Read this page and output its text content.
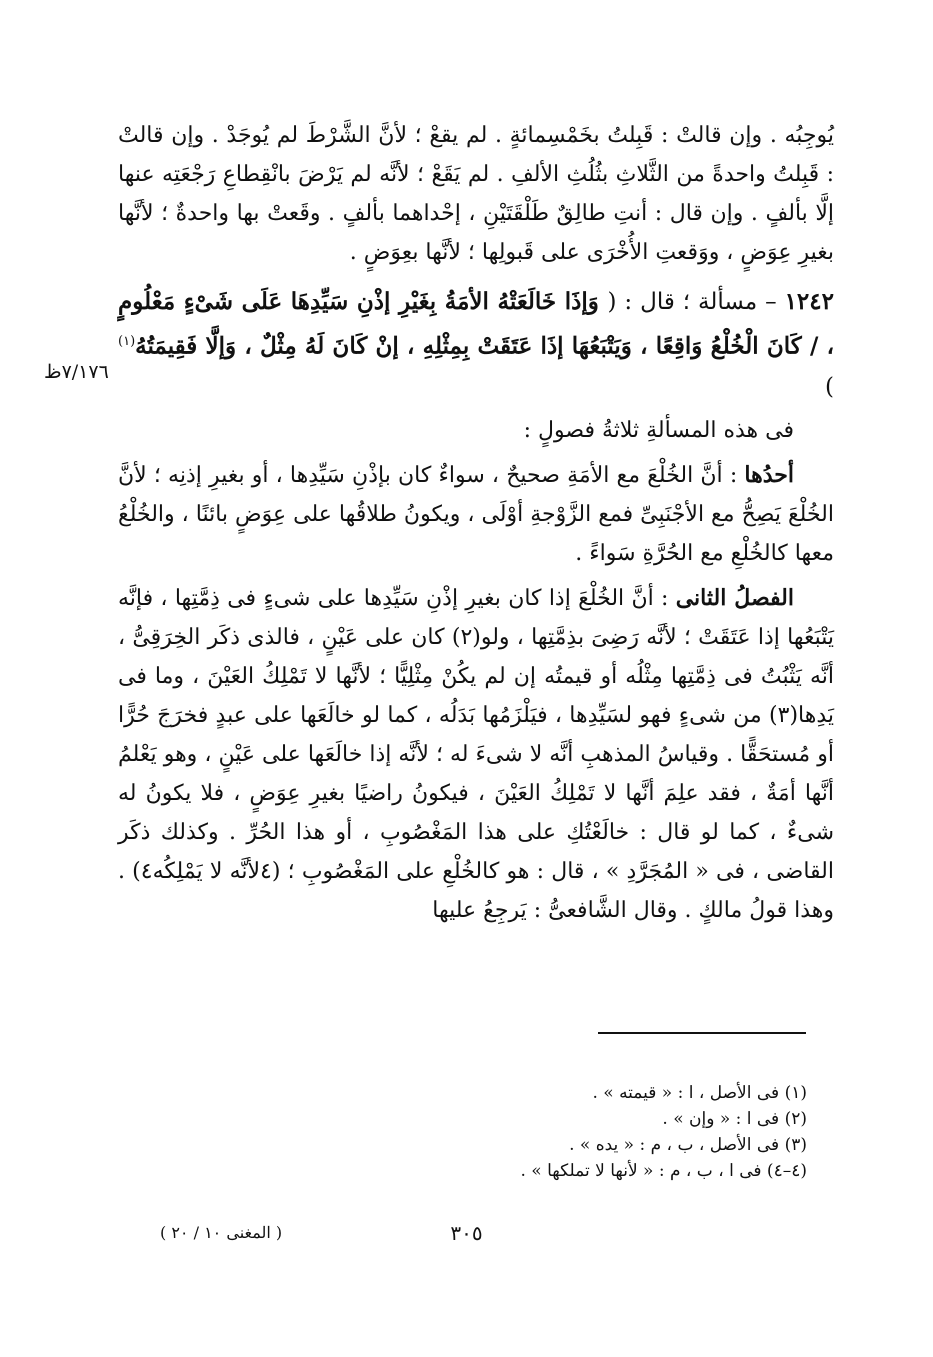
يُوجِبُه . وإن قالتْ : قَبِلتُ بخَمْسِمائةٍ . لم يقعْ ؛ لأنَّ الشَّرْطَ لم يُوجَدْ . وإن قالتْ : قَبِلتُ واحدةً من الثَّلاثِ بثُلُثِ الألفِ . لم يَقَعْ ؛ لأنَّه لم يَرْضَ بانْقِطاعِ رَجْعَتِه عنها إلَّا بألفٍ . وإن قال : أنتِ طالِقٌ طَلْقَتَيْنِ ، إحْداهما بألفٍ . وقَعتْ بها واحدةٌ ؛ لأنَّها بغيرِ عِوَضٍ ، ووَقعتِ الأُخْرَى على قَبولِها ؛ لأنَّها بعِوَضٍ .

١٢٤٢ – مسألة ؛ قال : ( وَإذَا خَالَعَتْهُ الأمَةُ بِغَيْرِ إذْنِ سَيِّدِهَا عَلَى شَىْءٍ مَعْلُومٍ ، / كَانَ الْخُلْعُ وَاقِعًا ، وَيَتْبَعُهَا إذَا عَتَقَتْ بِمِثْلِهِ ، إنْ كَانَ لَهُ مِثْلٌ ، وَإلَّا فَقِيمَتُهُ$^{(١)}$ )

فى هذه المسألةِ ثلاثةُ فصولٍ :

أحدُها : أنَّ الخُلْعَ مع الأمَةِ صحيحٌ ، سواءٌ كان بإذْنِ سَيِّدِها ، أو بغيرِ إذنِه ؛ لأنَّ الخُلْعَ يَصِحُّ مع الأجْنَبِىِّ فمع الزَّوْجةِ أوْلَى ، ويكونُ طلاقُها على عِوَضٍ بائنًا ، والخُلْعُ معها كالخُلْعِ مع الحُرَّةِ سَواءً .

الفصلُ الثانى : أنَّ الخُلْعَ إذا كان بغيرِ إذْنِ سَيِّدِها على شىءٍ فى ذِمَّتِها ، فإنَّه يَتْبَعُها إذا عَتَقَتْ ؛ لأنَّه رَضِىَ بذِمَّتِها ، ولو(٢) كان على عَيْنٍ ، فالذى ذكَر الخِرَقِىُّ ، أنَّه يَثْبُتُ فى ذِمَّتِها مِثْلُه أو قيمتُه إن لم يكُنْ مِثْلِيًّا ؛ لأنَّها لا تَمْلِكُ العَيْنَ ، وما فى يَدِها(٣) من شىءٍ فهو لسَيِّدِها ، فيَلْزَمُها بَدَلُه ، كما لو خالَعَها على عبدٍ فخرَجَ حُرًّا أو مُستحَقًّا . وقياسُ المذهبِ أنَّه لا شىءَ له ؛ لأنَّه إذا خالَعَها على عَيْنٍ ، وهو يَعْلمُ أنَّها أمَةٌ ، فقد علِمَ أنَّها لا تَمْلِكُ العَيْنَ ، فيكونُ راضيًا بغيرِ عِوَضٍ ، فلا يكونُ له شىءٌ ، كما لو قال : خالَعْتُكِ على هذا المَغْصُوبِ ، أو هذا الحُرِّ . وكذلك ذكَر القاضى ، فى « المُجَرَّدِ » ، قال : هو كالخُلْعِ على المَغْصُوبِ ؛ (٤لأنَّه لا يَمْلِكُه٤) . وهذا قولُ مالكٍ . وقال الشَّافعىُّ : يَرجِعُ عليها

٧/١٧٦ظ

(١) فى الأصل ، ا : « قيمته » .

(٢) فى ا : « وإن » .

(٣) فى الأصل ، ب ، م : « يده » .

(٤–٤) فى ا ، ب ، م : « لأنها لا تملكها » .

٣٠٥
( المغنى ١٠ / ٢٠ )
